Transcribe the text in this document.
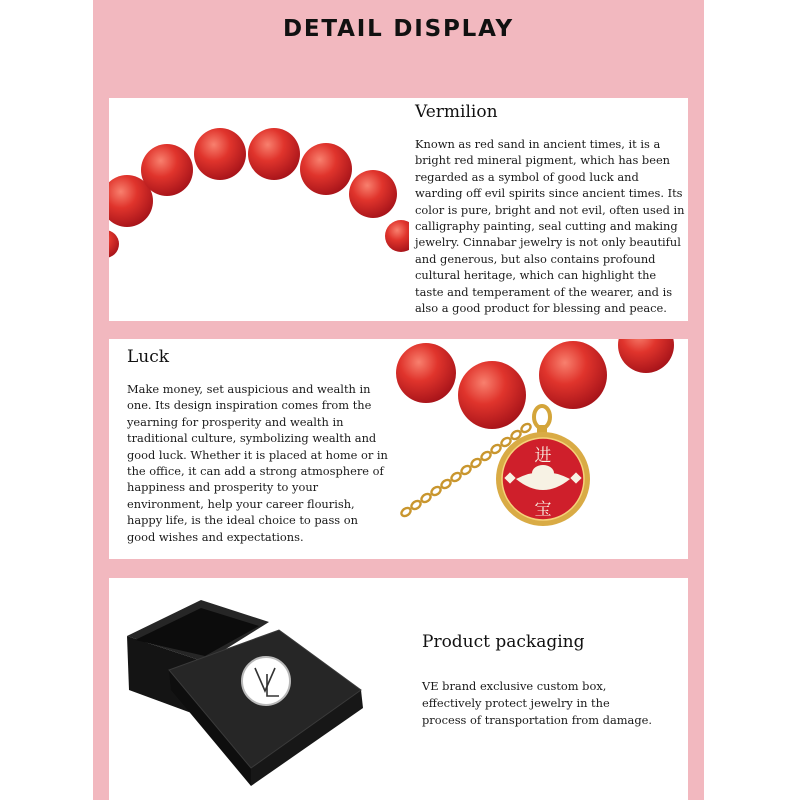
DETAIL DISPLAY
Vermilion
Known as red sand in ancient times, it is a bright red mineral pigment, which has been regarded as a symbol of good luck and warding off evil spirits since ancient times. Its color is pure, bright and not evil, often used in calligraphy painting, seal cutting and making jewelry. Cinnabar jewelry is not only beautiful and generous, but also contains profound cultural heritage, which can highlight the taste and temperament of the wearer, and is also a good product for blessing and peace.
Luck
Make money, set auspicious and wealth in one. Its design inspiration comes from the yearning for prosperity and wealth in traditional culture, symbolizing wealth and good luck. Whether it is placed at home or in the office, it can add a strong atmosphere of happiness and prosperity to your environment, help your career flourish, happy life, is the ideal choice to pass on good wishes and expectations.
进
宝
Product packaging
VE brand exclusive custom box, effectively protect jewelry in the process of transportation from damage.
